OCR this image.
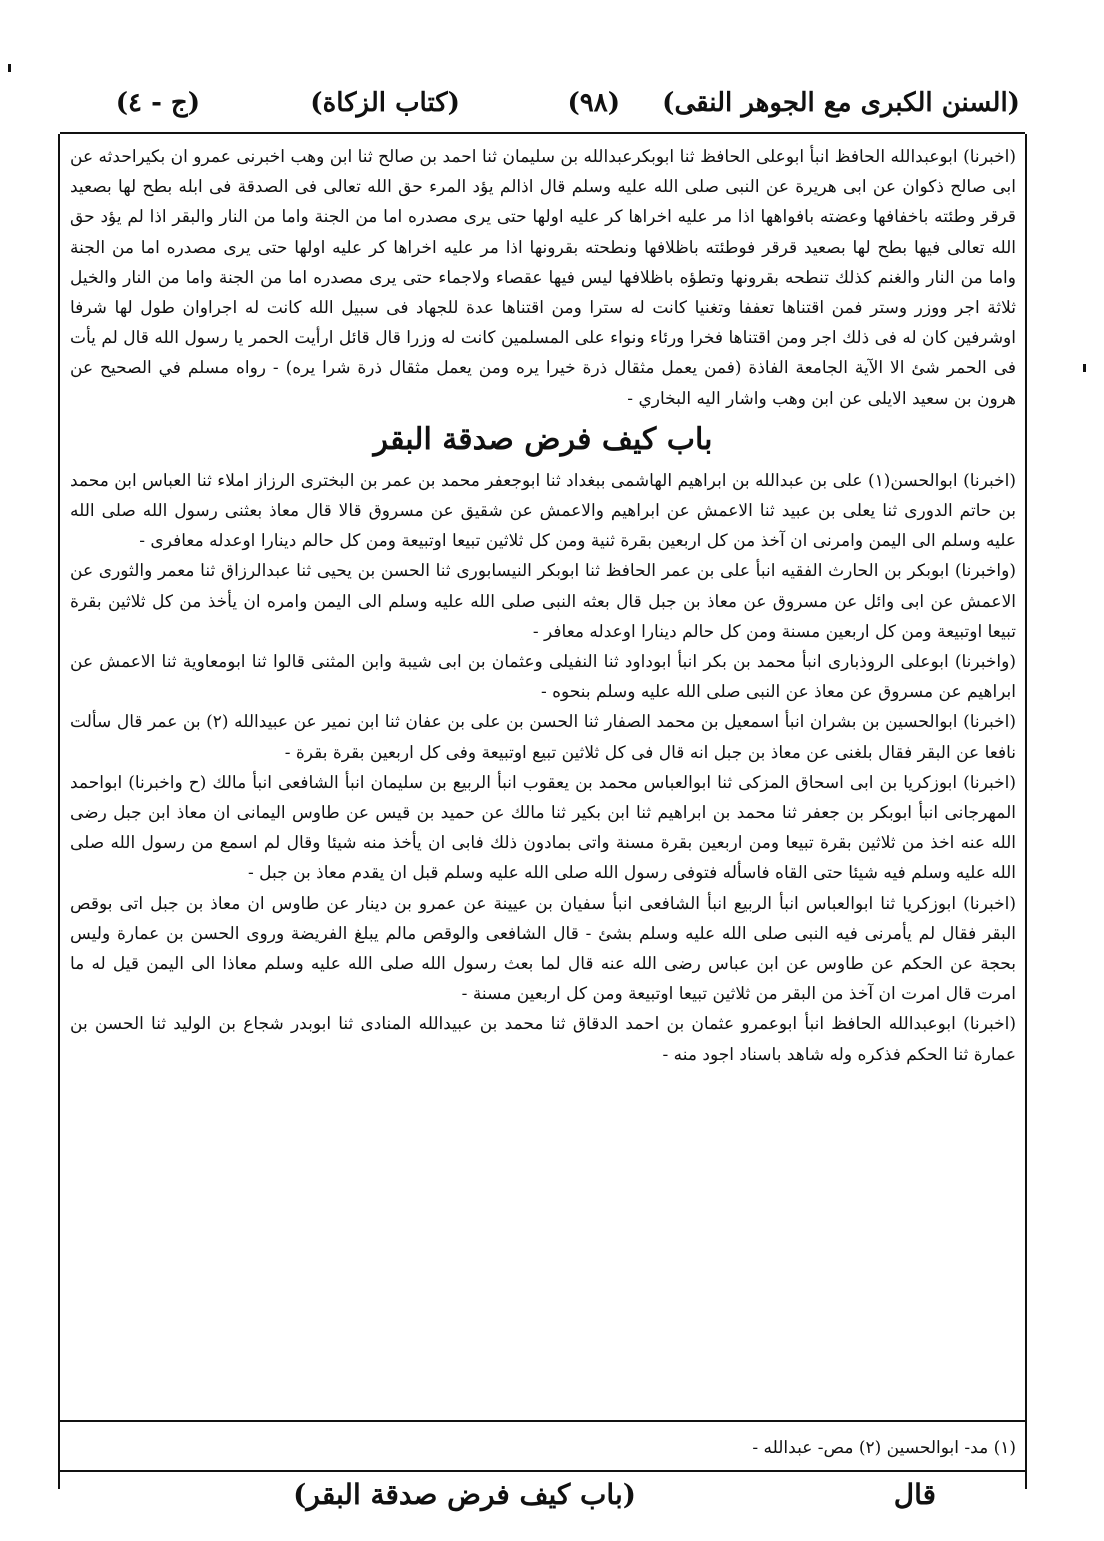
(السنن الكبرى مع الجوهر النقى)
(٩٨)
(كتاب الزكاة)
(ج - ٤)

(اخبرنا) ابوعبدالله الحافظ انبأ ابوعلى الحافظ ثنا ابوبكرعبدالله بن سليمان ثنا احمد بن صالح ثنا ابن وهب اخبرنى عمرو ان بكيراحدثه عن ابى صالح ذكوان عن ابى هريرة عن النبى صلى الله عليه وسلم قال اذالم يؤد المرء حق الله تعالى فى الصدقة فى ابله بطح لها بصعيد قرقر وطئته باخفافها وعضته بافواهها اذا مر عليه اخراها كر عليه اولها حتى يرى مصدره اما من الجنة واما من النار والبقر اذا لم يؤد حق الله تعالى فيها بطح لها بصعيد قرقر فوطئته باظلافها ونطحته بقرونها اذا مر عليه اخراها كر عليه اولها حتى يرى مصدره اما من الجنة واما من النار والغنم كذلك تنطحه بقرونها وتطؤه باظلافها ليس فيها عقصاء ولاجماء حتى يرى مصدره اما من الجنة واما من النار والخيل ثلاثة اجر ووزر وستر فمن اقتناها تعففا وتغنيا كانت له سترا ومن اقتناها عدة للجهاد فى سبيل الله كانت له اجراوان طول لها شرفا اوشرفين كان له فى ذلك اجر ومن اقتناها فخرا ورئاء ونواء على المسلمين كانت له وزرا قال قائل ارأيت الحمر يا رسول الله قال لم يأت فى الحمر شئ الا الآية الجامعة الفاذة (فمن يعمل مثقال ذرة خيرا يره ومن يعمل مثقال ذرة شرا يره) - رواه مسلم في الصحيح عن هرون بن سعيد الايلى عن ابن وهب واشار اليه البخاري -

باب كيف فرض صدقة البقر

(اخبرنا) ابوالحسن(١) على بن عبدالله بن ابراهيم الهاشمى ببغداد ثنا ابوجعفر محمد بن عمر بن البخترى الرزاز املاء ثنا العباس ابن محمد بن حاتم الدورى ثنا يعلى بن عبيد ثنا الاعمش عن ابراهيم والاعمش عن شقيق عن مسروق قالا قال معاذ بعثنى رسول الله صلى الله عليه وسلم الى اليمن وامرنى ان آخذ من كل اربعين بقرة ثنية ومن كل ثلاثين تبيعا اوتبيعة ومن كل حالم دينارا اوعدله معافرى -

(واخبرنا) ابوبكر بن الحارث الفقيه انبأ على بن عمر الحافظ ثنا ابوبكر النيسابورى ثنا الحسن بن يحيى ثنا عبدالرزاق ثنا معمر والثورى عن الاعمش عن ابى وائل عن مسروق عن معاذ بن جبل قال بعثه النبى صلى الله عليه وسلم الى اليمن وامره ان يأخذ من كل ثلاثين بقرة تبيعا اوتبيعة ومن كل اربعين مسنة ومن كل حالم دينارا اوعدله معافر -

(واخبرنا) ابوعلى الروذبارى انبأ محمد بن بكر انبأ ابوداود ثنا النفيلى وعثمان بن ابى شيبة وابن المثنى قالوا ثنا ابومعاوية ثنا الاعمش عن ابراهيم عن مسروق عن معاذ عن النبى صلى الله عليه وسلم بنحوه -

(اخبرنا) ابوالحسين بن بشران انبأ اسمعيل بن محمد الصفار ثنا الحسن بن على بن عفان ثنا ابن نمير عن عبيدالله (٢) بن عمر قال سألت نافعا عن البقر فقال بلغنى عن معاذ بن جبل انه قال فى كل ثلاثين تبيع اوتبيعة وفى كل اربعين بقرة بقرة -

(اخبرنا) ابوزكريا بن ابى اسحاق المزكى ثنا ابوالعباس محمد بن يعقوب انبأ الربيع بن سليمان انبأ الشافعى انبأ مالك (ح واخبرنا) ابواحمد المهرجانى انبأ ابوبكر بن جعفر ثنا محمد بن ابراهيم ثنا ابن بكير ثنا مالك عن حميد بن قيس عن طاوس اليمانى ان معاذ ابن جبل رضى الله عنه اخذ من ثلاثين بقرة تبيعا ومن اربعين بقرة مسنة واتى بمادون ذلك فابى ان يأخذ منه شيئا وقال لم اسمع من رسول الله صلى الله عليه وسلم فيه شيئا حتى القاه فاسأله فتوفى رسول الله صلى الله عليه وسلم قبل ان يقدم معاذ بن جبل -

(اخبرنا) ابوزكريا ثنا ابوالعباس انبأ الربيع انبأ الشافعى انبأ سفيان بن عيينة عن عمرو بن دينار عن طاوس ان معاذ بن جبل اتى بوقص البقر فقال لم يأمرنى فيه النبى صلى الله عليه وسلم بشئ - قال الشافعى والوقص مالم يبلغ الفريضة وروى الحسن بن عمارة وليس بحجة عن الحكم عن طاوس عن ابن عباس رضى الله عنه قال لما بعث رسول الله صلى الله عليه وسلم معاذا الى اليمن قيل له ما امرت قال امرت ان آخذ من البقر من ثلاثين تبيعا اوتبيعة ومن كل اربعين مسنة -

(اخبرنا) ابوعبدالله الحافظ انبأ ابوعمرو عثمان بن احمد الدقاق ثنا محمد بن عبيدالله المنادى ثنا ابوبدر شجاع بن الوليد ثنا الحسن بن عمارة ثنا الحكم فذكره وله شاهد باسناد اجود منه -

(١) مد- ابوالحسين (٢) مص- عبدالله -
قال
(باب كيف فرض صدقة البقر)
